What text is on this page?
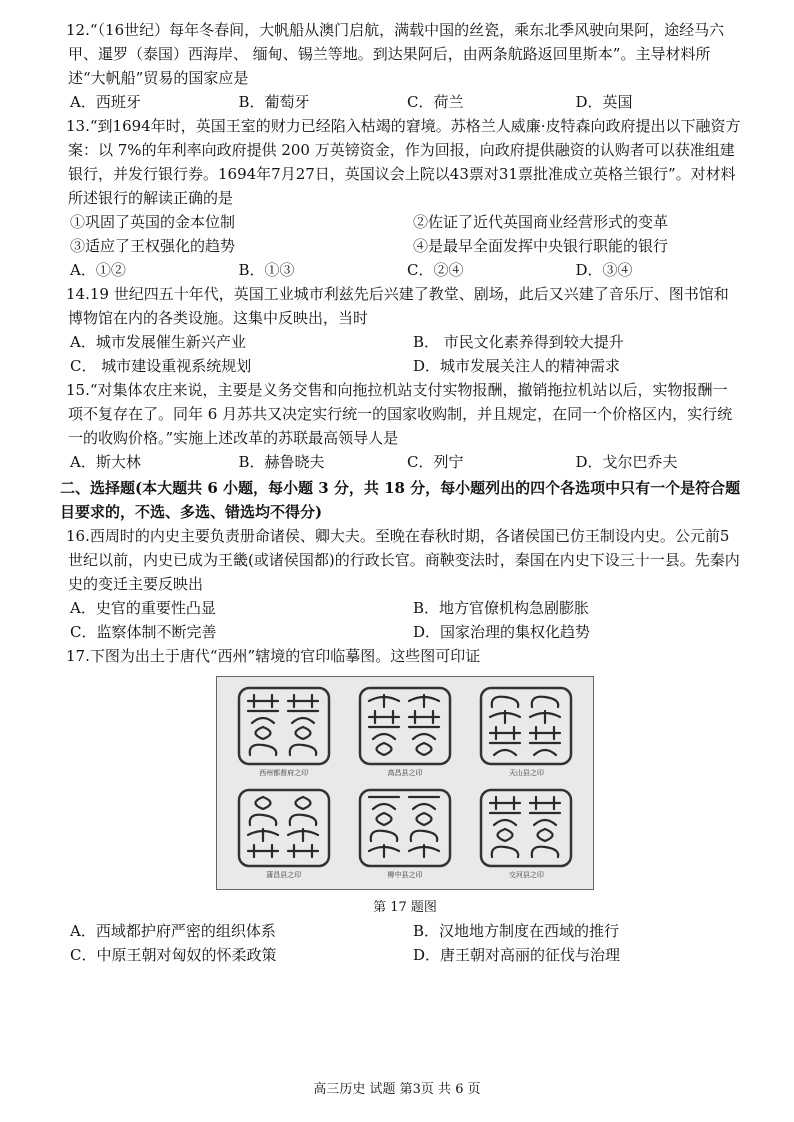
12.“（16世纪）每年冬春间，大帆船从澳门启航，满载中国的丝瓷，乘东北季风驶向果阿，途经马六甲、暹罗（泰国）西海岸、 缅甸、锡兰等地。到达果阿后，由两条航路返回里斯本”。主导材料所述“大帆船”贸易的国家应是

A．西班牙	B．葡萄牙	C．荷兰	D．英国

13.“到1694年时，英国王室的财力已经陷入枯竭的窘境。苏格兰人威廉·皮特森向政府提出以下融资方案：以 7%的年利率向政府提供 200 万英镑资金，作为回报，向政府提供融资的认购者可以获准组建银行，并发行银行券。1694年7月27日，英国议会上院以43票对31票批准成立英格兰银行”。对材料所述银行的解读正确的是

①巩固了英国的金本位制	②佐证了近代英国商业经营形式的变革
③适应了王权强化的趋势	④是最早全面发挥中央银行职能的银行
A．①②	B．①③	C．②④	D．③④

14.19 世纪四五十年代，英国工业城市利兹先后兴建了教堂、剧场，此后又兴建了音乐厅、图书馆和博物馆在内的各类设施。这集中反映出，当时

A．城市发展催生新兴产业	B． 市民文化素养得到较大提升
C． 城市建设重视系统规划	D．城市发展关注人的精神需求

15.“对集体农庄来说，主要是义务交售和向拖拉机站支付实物报酬，撤销拖拉机站以后，实物报酬一项不复存在了。同年 6 月苏共又决定实行统一的国家收购制，并且规定，在同一个价格区内，实行统一的收购价格。”实施上述改革的苏联最高领导人是

A．斯大林	B．赫鲁晓夫	C．列宁	D．戈尔巴乔夫

二、选择题(本大题共 6 小题，每小题 3 分，共 18 分，每小题列出的四个各选项中只有一个是符合题目要求的，不选、多选、错选均不得分)

16.西周时的内史主要负责册命诸侯、卿大夫。至晚在春秋时期，各诸侯国已仿王制设内史。公元前5 世纪以前，内史已成为王畿(或诸侯国都)的行政长官。商鞅变法时，秦国在内史下设三十一县。先秦内史的变迁主要反映出

A．史官的重要性凸显	B．地方官僚机构急剧膨胀
C．监察体制不断完善	D．国家治理的集权化趋势

17.下图为出土于唐代“西州”辖境的官印临摹图。这些图可印证

西州都督府之印	高昌县之印	天山县之印
蒲昌县之印	柳中县之印	交河县之印
第 17 题图
A．西域都护府严密的组织体系	B．汉地地方制度在西域的推行
C．中原王朝对匈奴的怀柔政策	D．唐王朝对高丽的征伐与治理
高三历史 试题 第3页 共 6 页
